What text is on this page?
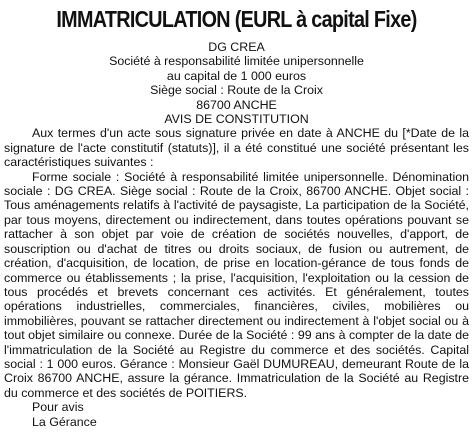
IMMATRICULATION (EURL à capital Fixe)
DG CREA
Société à responsabilité limitée unipersonnelle
au capital de 1 000 euros
Siège social : Route de la Croix
86700 ANCHE
AVIS DE CONSTITUTION

Aux termes d'un acte sous signature privée en date à ANCHE du [*Date de la signature de l'acte constitutif (statuts)], il a été constitué une société présentant les caractéristiques suivantes :

Forme sociale : Société à responsabilité limitée unipersonnelle. Dénomination sociale : DG CREA. Siège social : Route de la Croix, 86700 ANCHE. Objet social : Tous aménagements relatifs à l'activité de paysagiste, La participation de la Société, par tous moyens, directement ou indirectement, dans toutes opérations pouvant se rattacher à son objet par voie de création de sociétés nouvelles, d'apport, de souscription ou d'achat de titres ou droits sociaux, de fusion ou autrement, de création, d'acquisition, de location, de prise en location-gérance de tous fonds de commerce ou établissements ; la prise, l'acquisition, l'exploitation ou la cession de tous procédés et brevets concernant ces activités. Et généralement, toutes opérations industrielles, commerciales, financières, civiles, mobilières ou immobilières, pouvant se rattacher directement ou indirectement à l'objet social ou à tout objet similaire ou connexe. Durée de la Société : 99 ans à compter de la date de l'immatriculation de la Société au Registre du commerce et des sociétés. Capital social : 1 000 euros. Gérance : Monsieur Gaël DUMUREAU, demeurant Route de la Croix 86700 ANCHE, assure la gérance. Immatriculation de la Société au Registre du commerce et des sociétés de POITIERS.

Pour avis

La Gérance
